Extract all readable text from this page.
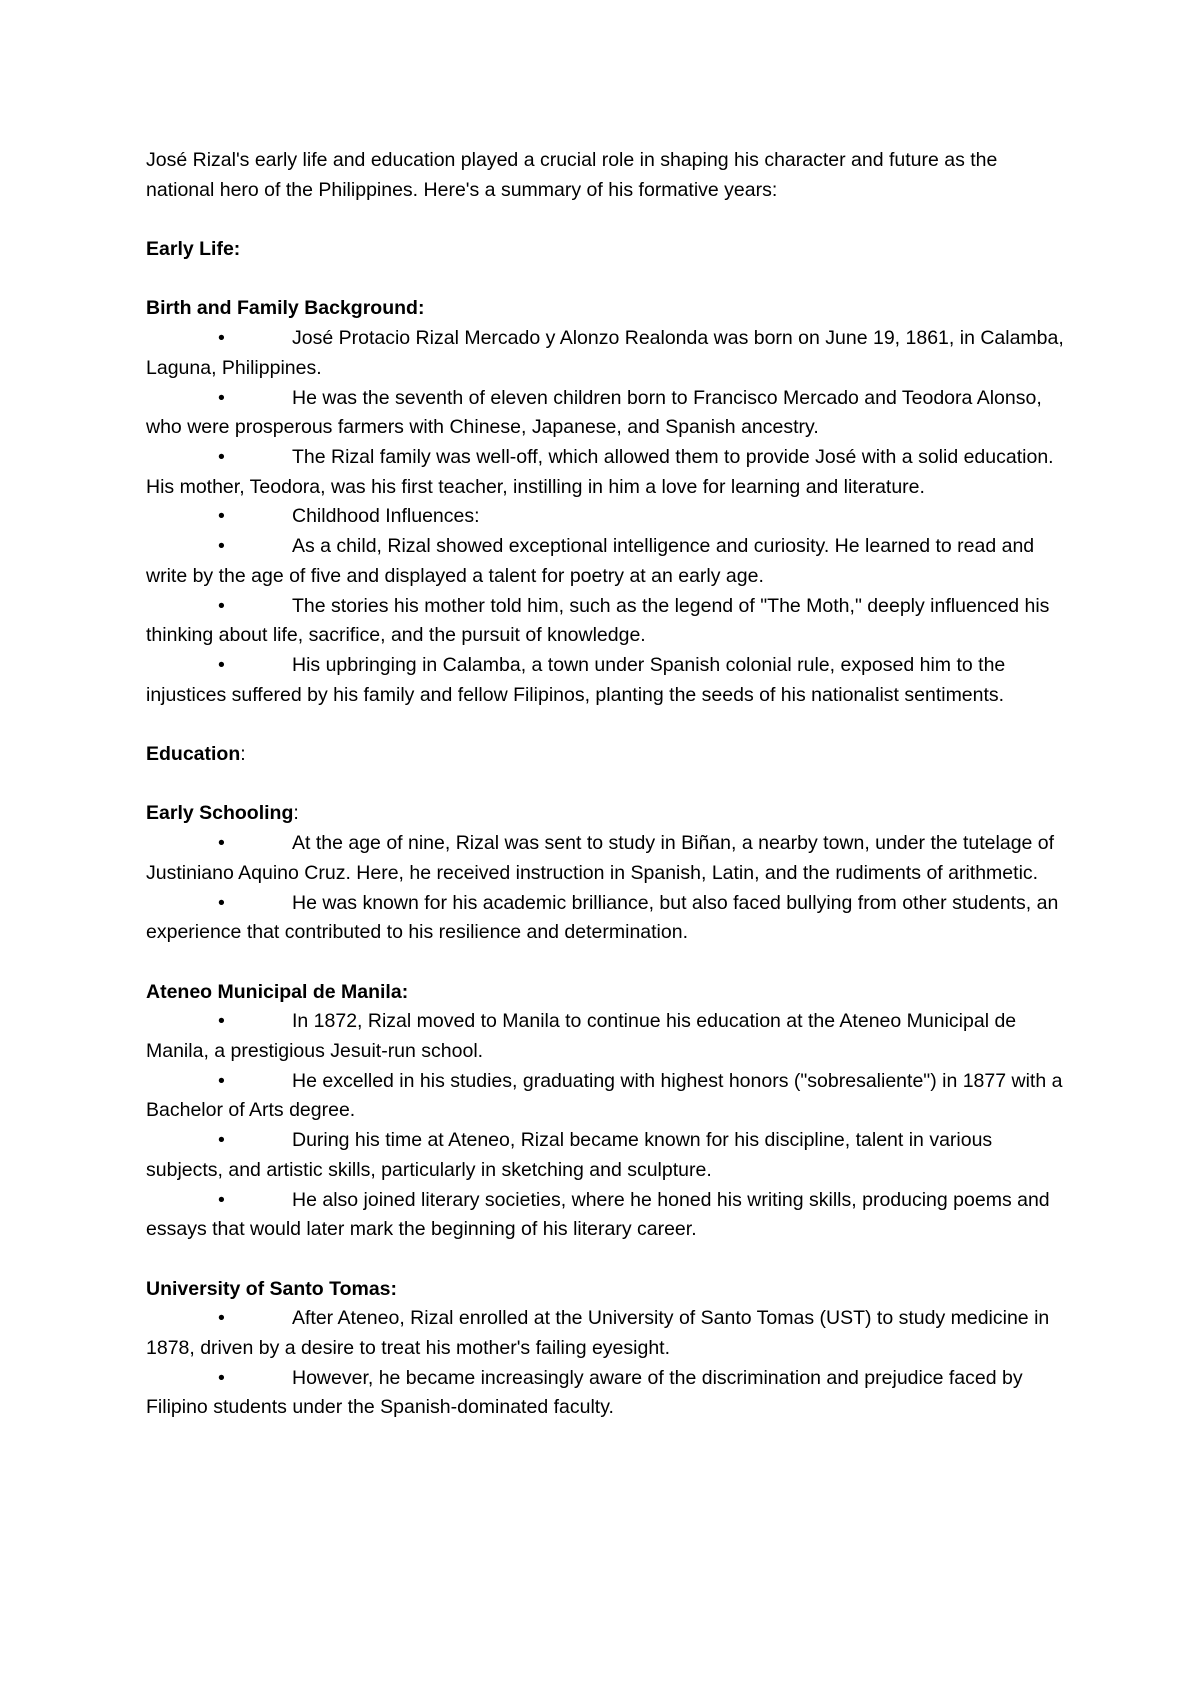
José Rizal's early life and education played a crucial role in shaping his character and future as the national hero of the Philippines. Here's a summary of his formative years:

Early Life:

Birth and Family Background:

•	José Protacio Rizal Mercado y Alonzo Realonda was born on June 19, 1861, in Calamba, Laguna, Philippines.

•	He was the seventh of eleven children born to Francisco Mercado and Teodora Alonso, who were prosperous farmers with Chinese, Japanese, and Spanish ancestry.

•	The Rizal family was well-off, which allowed them to provide José with a solid education. His mother, Teodora, was his first teacher, instilling in him a love for learning and literature.

•	Childhood Influences:

•	As a child, Rizal showed exceptional intelligence and curiosity. He learned to read and write by the age of five and displayed a talent for poetry at an early age.

•	The stories his mother told him, such as the legend of "The Moth," deeply influenced his thinking about life, sacrifice, and the pursuit of knowledge.

•	His upbringing in Calamba, a town under Spanish colonial rule, exposed him to the injustices suffered by his family and fellow Filipinos, planting the seeds of his nationalist sentiments.

Education:

Early Schooling:

•	At the age of nine, Rizal was sent to study in Biñan, a nearby town, under the tutelage of Justiniano Aquino Cruz. Here, he received instruction in Spanish, Latin, and the rudiments of arithmetic.

•	He was known for his academic brilliance, but also faced bullying from other students, an experience that contributed to his resilience and determination.

Ateneo Municipal de Manila:

•	In 1872, Rizal moved to Manila to continue his education at the Ateneo Municipal de Manila, a prestigious Jesuit-run school.

•	He excelled in his studies, graduating with highest honors ("sobresaliente") in 1877 with a Bachelor of Arts degree.

•	During his time at Ateneo, Rizal became known for his discipline, talent in various subjects, and artistic skills, particularly in sketching and sculpture.

•	He also joined literary societies, where he honed his writing skills, producing poems and essays that would later mark the beginning of his literary career.

University of Santo Tomas:

•	After Ateneo, Rizal enrolled at the University of Santo Tomas (UST) to study medicine in 1878, driven by a desire to treat his mother's failing eyesight.

•	However, he became increasingly aware of the discrimination and prejudice faced by Filipino students under the Spanish-dominated faculty.
